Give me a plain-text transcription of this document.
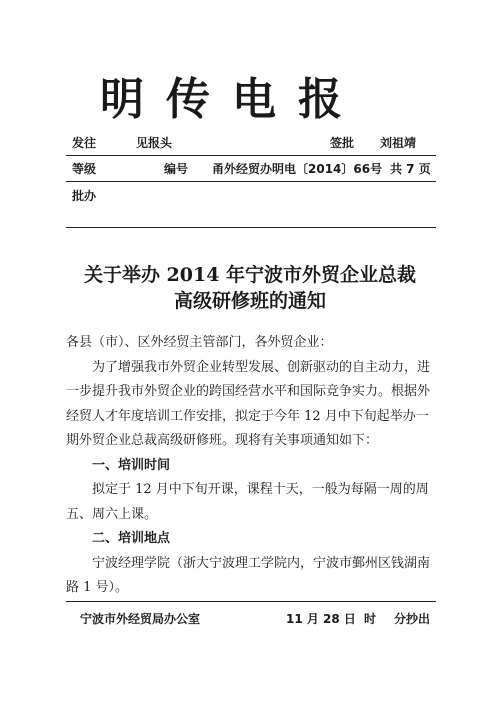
明传电报
发往	见报头	签批 刘祖靖
等级	编号 甬外经贸办明电〔2014〕66号 共 7 页
批办
关于举办 2014 年宁波市外贸企业总裁
高级研修班的通知

各县（市）、区外经贸主管部门，各外贸企业：

为了增强我市外贸企业转型发展、创新驱动的自主动力，进一步提升我市外贸企业的跨国经营水平和国际竞争实力。根据外经贸人才年度培训工作安排，拟定于今年 12 月中下旬起举办一期外贸企业总裁高级研修班。现将有关事项通知如下：

一、培训时间

拟定于 12 月中下旬开课，课程十天，一般为每隔一周的周五、周六上课。

二、培训地点

宁波经理学院（浙大宁波理工学院内，宁波市鄞州区钱湖南路 1 号）。

宁波市外经贸局办公室	11 月 28 日 时 分抄出
